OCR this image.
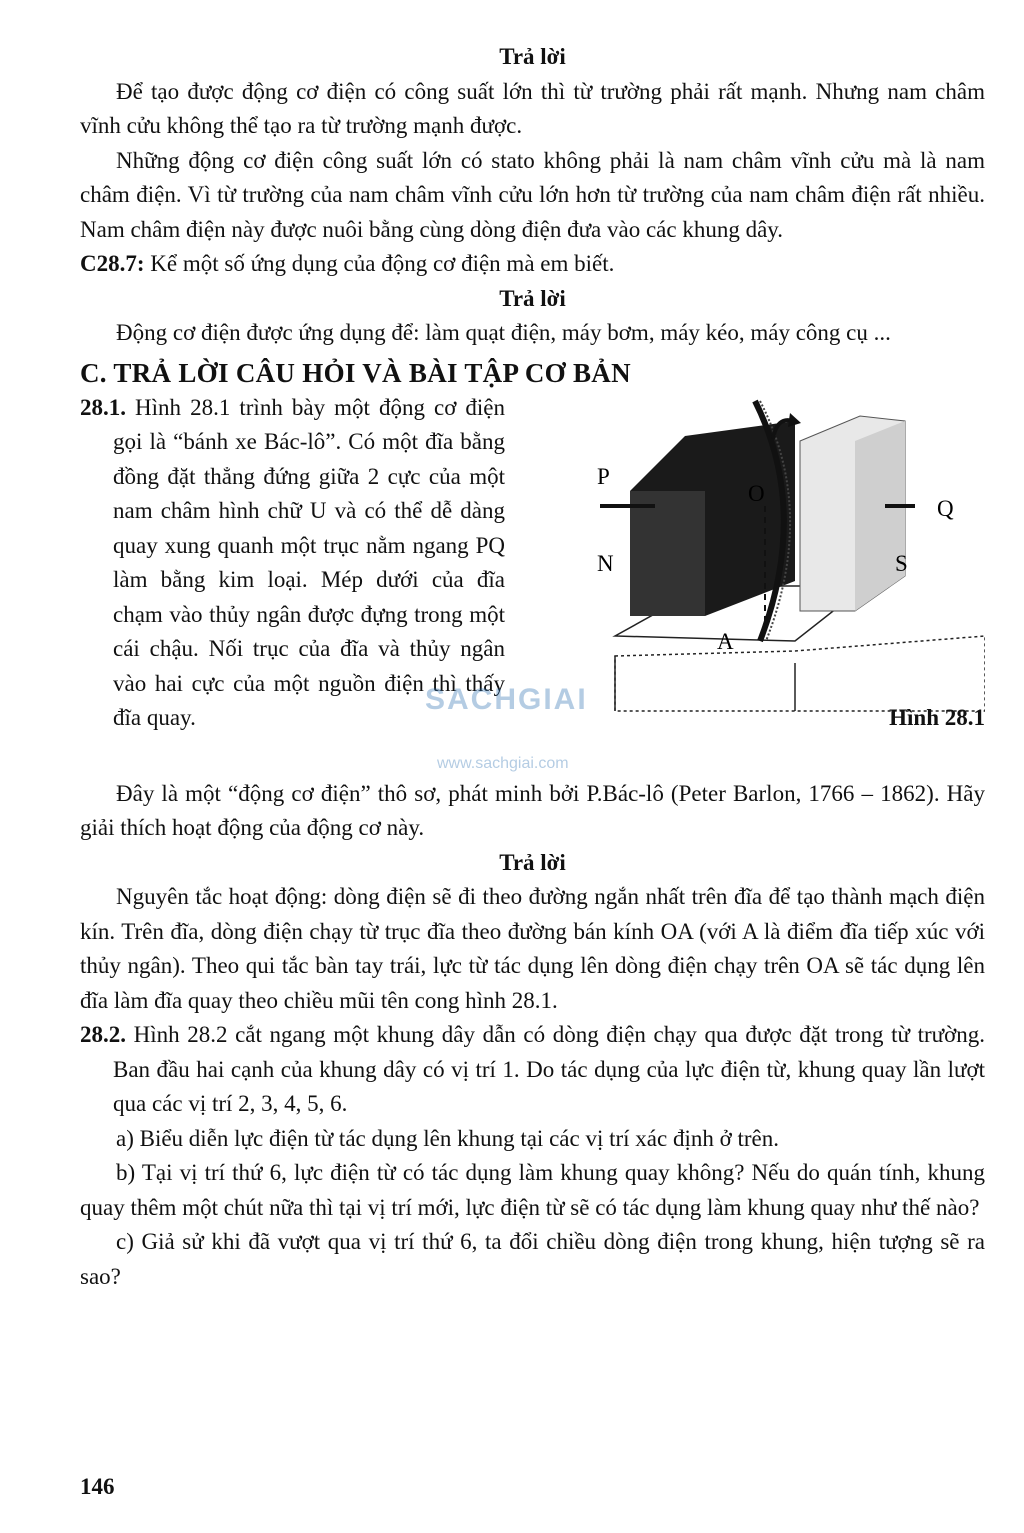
Trả lời

Để tạo được động cơ điện có công suất lớn thì từ trường phải rất mạnh. Nhưng nam châm vĩnh cửu không thể tạo ra từ trường mạnh được.

Những động cơ điện công suất lớn có stato không phải là nam châm vĩnh cửu mà là nam châm điện. Vì từ trường của nam châm vĩnh cửu lớn hơn từ trường của nam châm điện rất nhiều. Nam châm điện này được nuôi bằng cùng dòng điện đưa vào các khung dây.

C28.7: Kể một số ứng dụng của động cơ điện mà em biết.

Trả lời

Động cơ điện được ứng dụng để: làm quạt điện, máy bơm, máy kéo, máy công cụ ...

C. TRẢ LỜI CÂU HỎI VÀ BÀI TẬP CƠ BẢN

28.1. Hình 28.1 trình bày một động cơ điện gọi là “bánh xe Bác-lô”. Có một đĩa bằng đồng đặt thẳng đứng giữa 2 cực của một nam châm hình chữ U và có thể dễ dàng quay xung quanh một trục nằm ngang PQ làm bằng kim loại. Mép dưới của đĩa chạm vào thủy ngân được đựng trong một cái chậu. Nối trục của đĩa và thủy ngân vào hai cực của một nguồn điện thì thấy đĩa quay.

P
Q
N	S
O
A
Hình 28.1

Đây là một “động cơ điện” thô sơ, phát minh bởi P.Bác-lô (Peter Barlon, 1766 – 1862). Hãy giải thích hoạt động của động cơ này.

Trả lời

Nguyên tắc hoạt động: dòng điện sẽ đi theo đường ngắn nhất trên đĩa để tạo thành mạch điện kín. Trên đĩa, dòng điện chạy từ trục đĩa theo đường bán kính OA (với A là điểm đĩa tiếp xúc với thủy ngân). Theo qui tắc bàn tay trái, lực từ tác dụng lên dòng điện chạy trên OA sẽ tác dụng lên đĩa làm đĩa quay theo chiều mũi tên cong hình 28.1.

28.2. Hình 28.2 cắt ngang một khung dây dẫn có dòng điện chạy qua được đặt trong từ trường. Ban đầu hai cạnh của khung dây có vị trí 1. Do tác dụng của lực điện từ, khung quay lần lượt qua các vị trí 2, 3, 4, 5, 6.

a) Biểu diễn lực điện từ tác dụng lên khung tại các vị trí xác định ở trên.

b) Tại vị trí thứ 6, lực điện từ có tác dụng làm khung quay không? Nếu do quán tính, khung quay thêm một chút nữa thì tại vị trí mới, lực điện từ sẽ có tác dụng làm khung quay như thế nào?

c) Giả sử khi đã vượt qua vị trí thứ 6, ta đổi chiều dòng điện trong khung, hiện tượng sẽ ra sao?

SACHGIAI
www.sachgiai.com
146
